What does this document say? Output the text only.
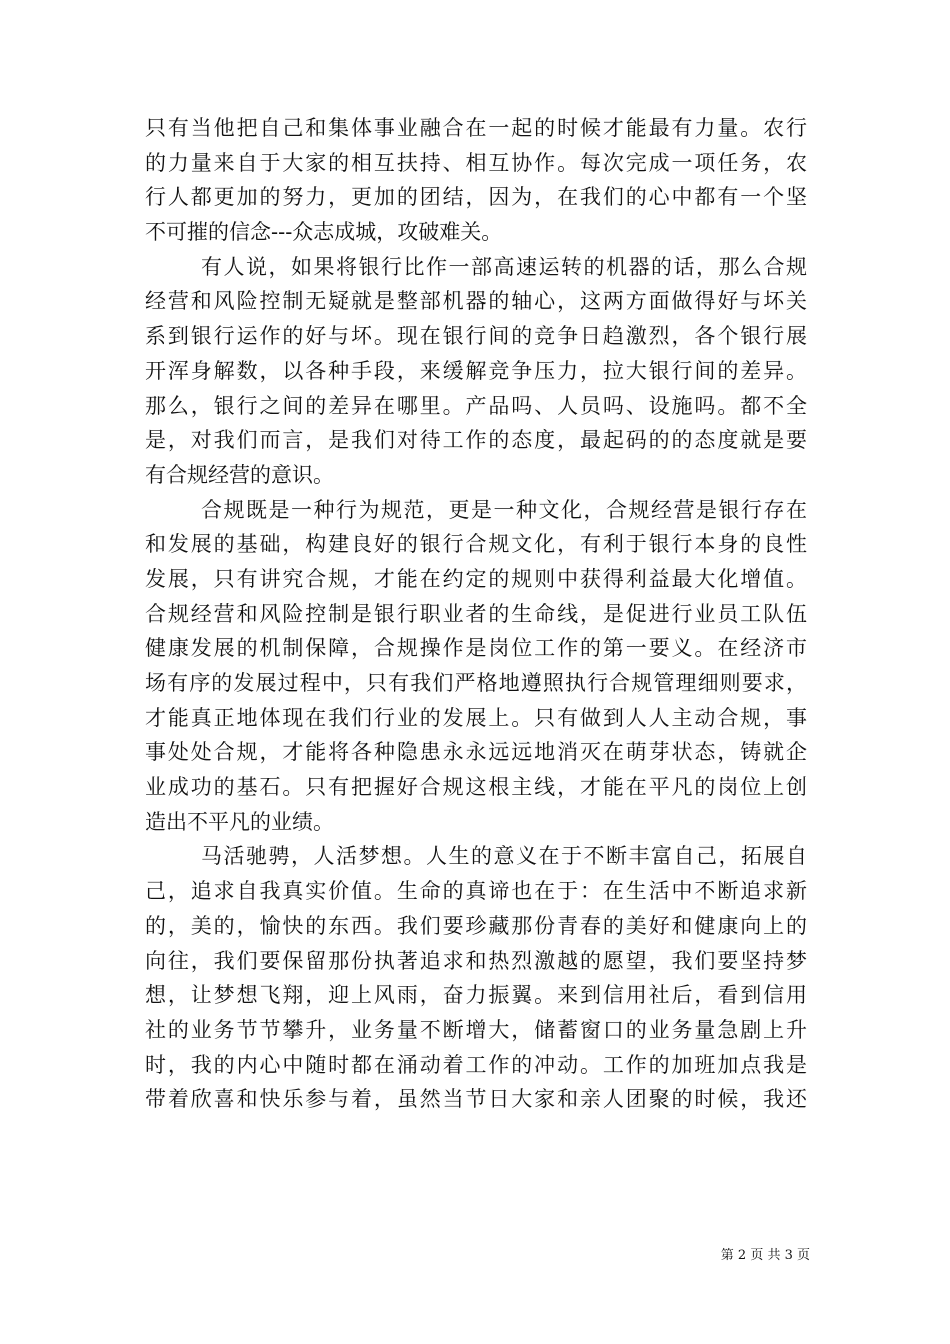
只有当他把自己和集体事业融合在一起的时候才能最有力量。农行
的力量来自于大家的相互扶持、相互协作。每次完成一项任务，农
行人都更加的努力，更加的团结，因为，在我们的心中都有一个坚
不可摧的信念---众志成城，攻破难关。
有人说，如果将银行比作一部高速运转的机器的话，那么合规
经营和风险控制无疑就是整部机器的轴心，这两方面做得好与坏关
系到银行运作的好与坏。现在银行间的竞争日趋激烈，各个银行展
开浑身解数，以各种手段，来缓解竞争压力，拉大银行间的差异。
那么，银行之间的差异在哪里。产品吗、人员吗、设施吗。都不全
是，对我们而言，是我们对待工作的态度，最起码的的态度就是要
有合规经营的意识。
合规既是一种行为规范，更是一种文化，合规经营是银行存在
和发展的基础，构建良好的银行合规文化，有利于银行本身的良性
发展，只有讲究合规，才能在约定的规则中获得利益最大化增值。
合规经营和风险控制是银行职业者的生命线，是促进行业员工队伍
健康发展的机制保障，合规操作是岗位工作的第一要义。在经济市
场有序的发展过程中，只有我们严格地遵照执行合规管理细则要求，
才能真正地体现在我们行业的发展上。只有做到人人主动合规，事
事处处合规，才能将各种隐患永永远远地消灭在萌芽状态，铸就企
业成功的基石。只有把握好合规这根主线，才能在平凡的岗位上创
造出不平凡的业绩。
马活驰骋，人活梦想。人生的意义在于不断丰富自己，拓展自
己，追求自我真实价值。生命的真谛也在于：在生活中不断追求新
的，美的，愉快的东西。我们要珍藏那份青春的美好和健康向上的
向往，我们要保留那份执著追求和热烈激越的愿望，我们要坚持梦
想，让梦想飞翔，迎上风雨，奋力振翼。来到信用社后，看到信用
社的业务节节攀升，业务量不断增大，储蓄窗口的业务量急剧上升
时，我的内心中随时都在涌动着工作的冲动。工作的加班加点我是
带着欣喜和快乐参与着，虽然当节日大家和亲人团聚的时候，我还
第 2 页 共 3 页
